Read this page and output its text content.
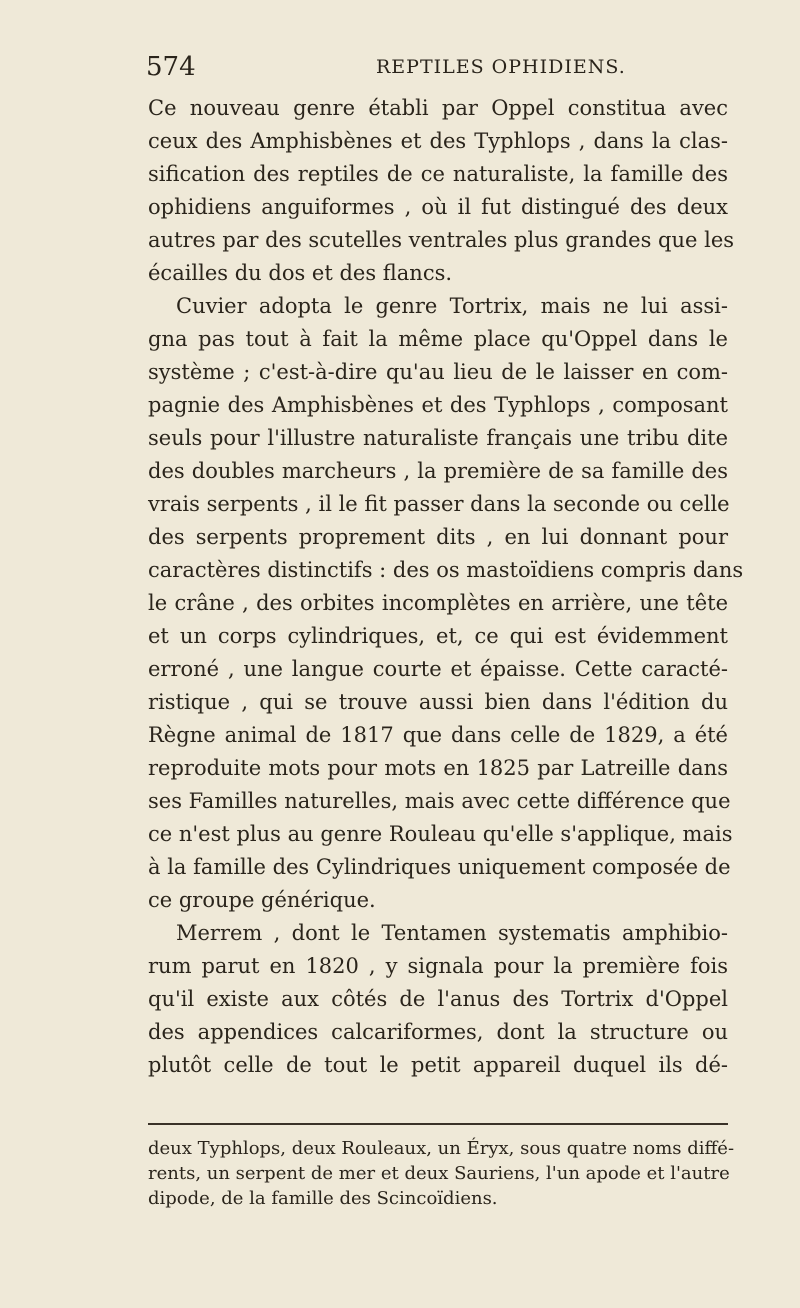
574	REPTILES OPHIDIENS.
Ce nouveau genre établi par Oppel constitua avec
ceux des Amphisbènes et des Typhlops , dans la clas-
sification des reptiles de ce naturaliste, la famille des
ophidiens anguiformes , où il fut distingué des deux
autres par des scutelles ventrales plus grandes que les
écailles du dos et des flancs.
Cuvier adopta le genre Tortrix, mais ne lui assi-
gna pas tout à fait la même place qu'Oppel dans le
système ; c'est-à-dire qu'au lieu de le laisser en com-
pagnie des Amphisbènes et des Typhlops , composant
seuls pour l'illustre naturaliste français une tribu dite
des doubles marcheurs , la première de sa famille des
vrais serpents , il le fit passer dans la seconde ou celle
des serpents proprement dits , en lui donnant pour
caractères distinctifs : des os mastoïdiens compris dans
le crâne , des orbites incomplètes en arrière, une tête
et un corps cylindriques, et, ce qui est évidemment
erroné , une langue courte et épaisse. Cette caracté-
ristique , qui se trouve aussi bien dans l'édition du
Règne animal de 1817 que dans celle de 1829, a été
reproduite mots pour mots en 1825 par Latreille dans
ses Familles naturelles, mais avec cette différence que
ce n'est plus au genre Rouleau qu'elle s'applique, mais
à la famille des Cylindriques uniquement composée de
ce groupe générique.
Merrem , dont le Tentamen systematis amphibio-
rum parut en 1820 , y signala pour la première fois
qu'il existe aux côtés de l'anus des Tortrix d'Oppel
des appendices calcariformes, dont la structure ou
plutôt celle de tout le petit appareil duquel ils dé-
deux Typhlops, deux Rouleaux, un Éryx, sous quatre noms diffé-
rents, un serpent de mer et deux Sauriens, l'un apode et l'autre
dipode, de la famille des Scincoïdiens.
